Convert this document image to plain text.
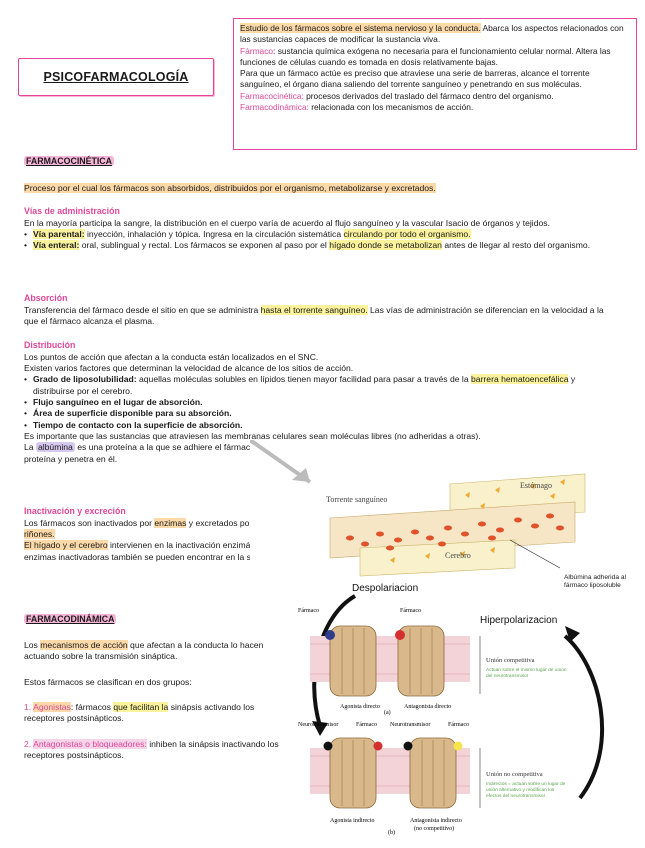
PSICOFARMACOLOGÍA
Estudio de los fármacos sobre el sistema nervioso y la conducta. Abarca los aspectos relacionados con las sustancias capaces de modificar la sustancia viva.
Fármaco: sustancia química exógena no necesaria para el funcionamiento celular normal. Altera las funciones de células cuando es tomada en dosis relativamente bajas.
Para que un fármaco actúe es preciso que atraviese una serie de barreras, alcance el torrente sanguíneo, el órgano diana saliendo del torrente sanguíneo y penetrando en sus moléculas.
Farmacocinética: procesos derivados del traslado del fármaco dentro del organismo.
Farmacodinámica: relacionada con los mecanismos de acción.
FARMACOCINÉTICA
Proceso por el cual los fármacos son absorbidos, distribuidos por el organismo, metabolizarse y excretados.
Vías de administración
En la mayoría participa la sangre, la distribución en el cuerpo varía de acuerdo al flujo sanguíneo y la vascular Isacio de órganos y tejidos.
• Vía parental: inyección, inhalación y tópica. Ingresa en la circulación sistemática circulando por todo el organismo.
• Vía enteral: oral, sublingual y rectal. Los fármacos se exponen al paso por el hígado donde se metabolizan antes de llegar al resto del organismo.
Absorción
Transferencia del fármaco desde el sitio en que se administra hasta el torrente sanguíneo. Las vías de administración se diferencian en la velocidad a la que el fármaco alcanza el plasma.
Distribución
Los puntos de acción que afectan a la conducta están localizados en el SNC.
Existen varios factores que determinan la velocidad de alcance de los sitios de acción.
• Grado de liposolubilidad: aquellas moléculas solubles en lípidos tienen mayor facilidad para pasar a través de la barrera hematoencefálica y distribuirse por el cerebro.
• Flujo sanguíneo en el lugar de absorción.
• Área de superficie disponible para su absorción.
• Tiempo de contacto con la superficie de absorción.
Es importante que las sustancias que atraviesen las membranas celulares sean moléculas libres (no adheridas a otras).
La albúmina es una proteína a la que se adhiere el fármaco dentro del torrente sanguíneo y que la transporta hasta el cerebro donde se desprende de la proteína y penetra en él.
Inactivación y excreción
Los fármacos son inactivados por enzimas y excretados por los riñones.
El hígado y el cerebro intervienen en la inactivación enzimática, las enzimas inactivadoras también se pueden encontrar en la sangre.
Estómago
Torrente sanguíneo
Cerebro
Albúmina adherida al fármaco liposoluble
FARMACODINÁMICA
Los mecanismos de acción que afectan a la conducta lo hacen actuando sobre la transmisión sináptica.
Estos fármacos se clasifican en dos grupos:
1. Agonistas: fármacos que facilitan la sinápsis activando los receptores postsinápticos.
2. Antagonistas o bloqueadores: inhiben la sinápsis inactivando los receptores postsinápticos.
Despolariacion
Hiperpolarizacion
Fármaco	Fármaco
Agonista directo
(a)
Antagonista directo
Unión competitiva
Actúan sobre el mismo lugar de unión del neurotransmisor
Neurotransmisor	Fármaco Neurotransmisor	Fármaco
Agonista indirecto	Antagonista indirecto
(no competitivo)
(b)
Unión no competitiva
Indirectos = actúan sobre un lugar de unión alternativo y modifican los efectos del neurotransmisor
